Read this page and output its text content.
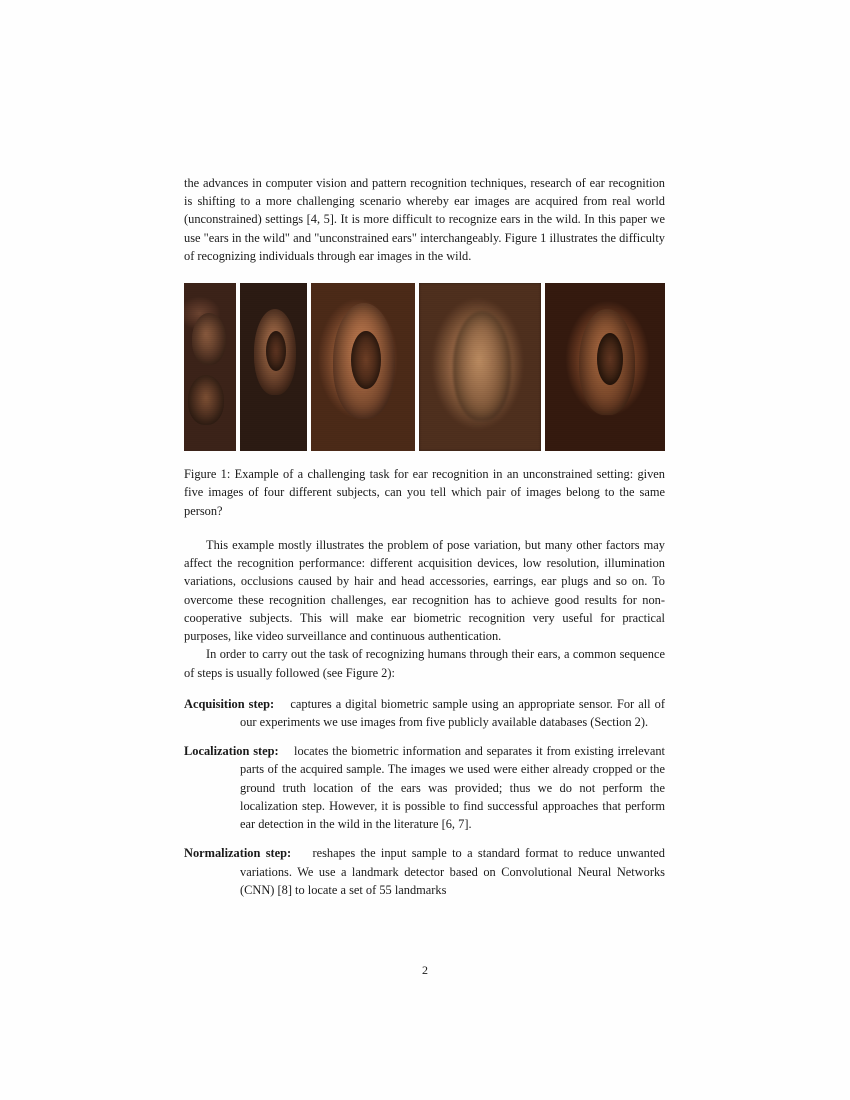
the advances in computer vision and pattern recognition techniques, research of ear recognition is shifting to a more challenging scenario whereby ear images are acquired from real world (unconstrained) settings [4, 5]. It is more difficult to recognize ears in the wild. In this paper we use "ears in the wild" and "unconstrained ears" interchangeably. Figure 1 illustrates the difficulty of recognizing individuals through ear images in the wild.

Figure 1: Example of a challenging task for ear recognition in an unconstrained setting: given five images of four different subjects, can you tell which pair of images belong to the same person?

This example mostly illustrates the problem of pose variation, but many other factors may affect the recognition performance: different acquisition devices, low resolution, illumination variations, occlusions caused by hair and head accessories, earrings, ear plugs and so on. To overcome these recognition challenges, ear recognition has to achieve good results for non-cooperative subjects. This will make ear biometric recognition very useful for practical purposes, like video surveillance and continuous authentication.

In order to carry out the task of recognizing humans through their ears, a common sequence of steps is usually followed (see Figure 2):

Acquisition step: captures a digital biometric sample using an appropriate sensor. For all of our experiments we use images from five publicly available databases (Section 2).
Localization step: locates the biometric information and separates it from existing irrelevant parts of the acquired sample. The images we used were either already cropped or the ground truth location of the ears was provided; thus we do not perform the localization step. However, it is possible to find successful approaches that perform ear detection in the wild in the literature [6, 7].
Normalization step: reshapes the input sample to a standard format to reduce unwanted variations. We use a landmark detector based on Convolutional Neural Networks (CNN) [8] to locate a set of 55 landmarks
2
